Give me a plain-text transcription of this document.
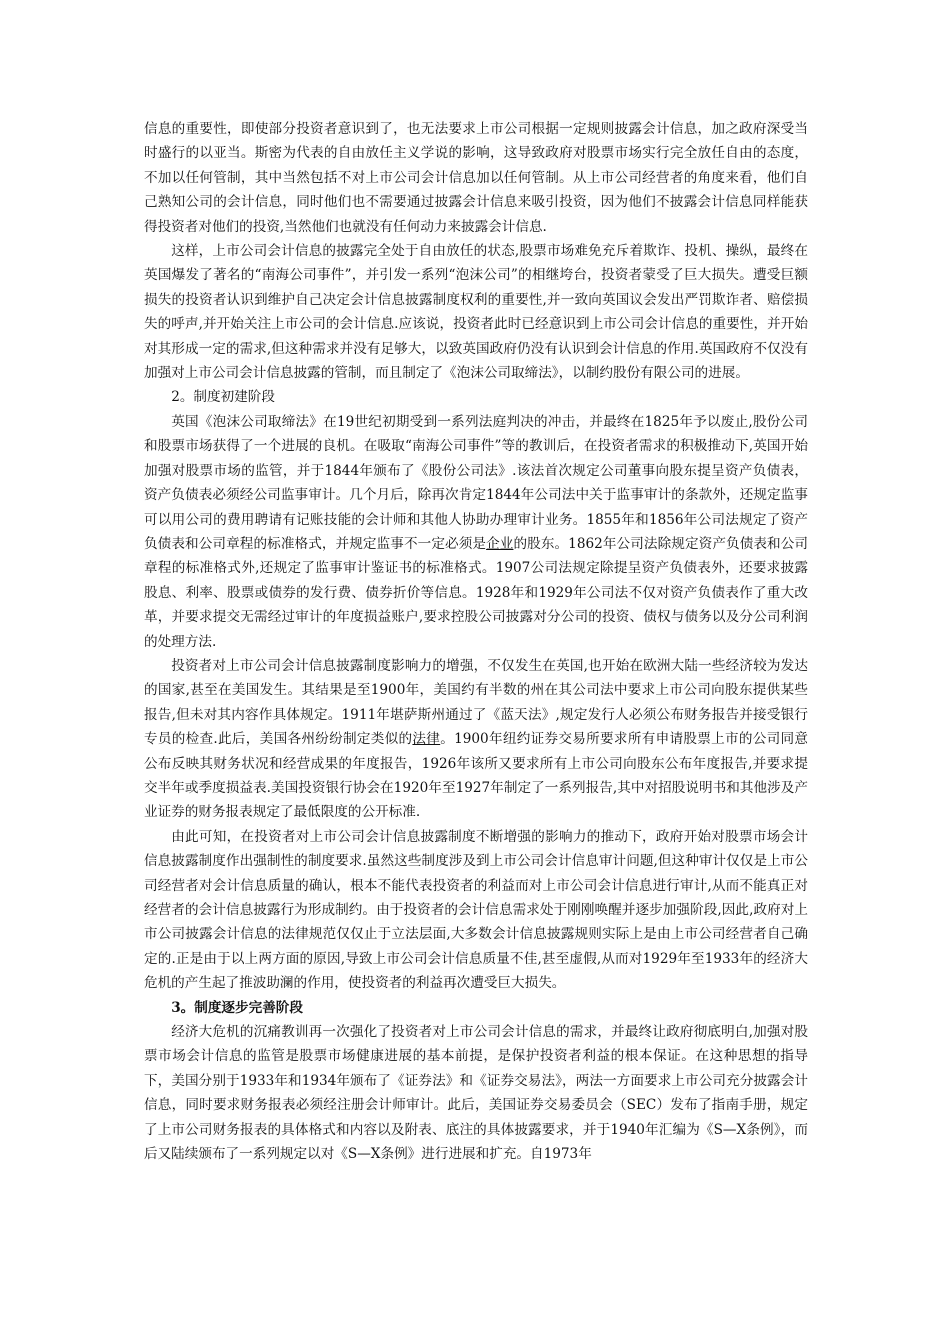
信息的重要性，即使部分投资者意识到了，也无法要求上市公司根据一定规则披露会计信息，加之政府深受当时盛行的以亚当。斯密为代表的自由放任主义学说的影响，这导致政府对股票市场实行完全放任自由的态度，不加以任何管制，其中当然包括不对上市公司会计信息加以任何管制。从上市公司经营者的角度来看，他们自己熟知公司的会计信息，同时他们也不需要通过披露会计信息来吸引投资，因为他们不披露会计信息同样能获得投资者对他们的投资,当然他们也就没有任何动力来披露会计信息.

这样，上市公司会计信息的披露完全处于自由放任的状态,股票市场难免充斥着欺诈、投机、操纵，最终在英国爆发了著名的“南海公司事件”，并引发一系列“泡沫公司”的相继垮台，投资者蒙受了巨大损失。遭受巨额损失的投资者认识到维护自己决定会计信息披露制度权利的重要性,并一致向英国议会发出严罚欺诈者、赔偿损失的呼声,并开始关注上市公司的会计信息.应该说，投资者此时已经意识到上市公司会计信息的重要性，并开始对其形成一定的需求,但这种需求并没有足够大，以致英国政府仍没有认识到会计信息的作用.英国政府不仅没有加强对上市公司会计信息披露的管制，而且制定了《泡沫公司取缔法》，以制约股份有限公司的进展。

2。制度初建阶段

英国《泡沫公司取缔法》在19世纪初期受到一系列法庭判决的冲击，并最终在1825年予以废止,股份公司和股票市场获得了一个进展的良机。在吸取“南海公司事件”等的教训后，在投资者需求的积极推动下,英国开始加强对股票市场的监管，并于1844年颁布了《股份公司法》.该法首次规定公司董事向股东提呈资产负债表，资产负债表必须经公司监事审计。几个月后，除再次肯定1844年公司法中关于监事审计的条款外，还规定监事可以用公司的费用聘请有记账技能的会计师和其他人协助办理审计业务。1855年和1856年公司法规定了资产负债表和公司章程的标准格式，并规定监事不一定必须是企业的股东。1862年公司法除规定资产负债表和公司章程的标准格式外,还规定了监事审计鉴证书的标准格式。1907公司法规定除提呈资产负债表外，还要求披露股息、利率、股票或债券的发行费、债券折价等信息。1928年和1929年公司法不仅对资产负债表作了重大改革，并要求提交无需经过审计的年度损益账户,要求控股公司披露对分公司的投资、债权与债务以及分公司利润的处理方法.

投资者对上市公司会计信息披露制度影响力的增强，不仅发生在英国,也开始在欧洲大陆一些经济较为发达的国家,甚至在美国发生。其结果是至1900年，美国约有半数的州在其公司法中要求上市公司向股东提供某些报告,但未对其内容作具体规定。1911年堪萨斯州通过了《蓝天法》,规定发行人必须公布财务报告并接受银行专员的检查.此后，美国各州纷纷制定类似的法律。1900年纽约证券交易所要求所有申请股票上市的公司同意公布反映其财务状况和经营成果的年度报告，1926年该所又要求所有上市公司向股东公布年度报告,并要求提交半年或季度损益表.美国投资银行协会在1920年至1927年制定了一系列报告,其中对招股说明书和其他涉及产业证券的财务报表规定了最低限度的公开标准.

由此可知，在投资者对上市公司会计信息披露制度不断增强的影响力的推动下，政府开始对股票市场会计信息披露制度作出强制性的制度要求.虽然这些制度涉及到上市公司会计信息审计问题,但这种审计仅仅是上市公司经营者对会计信息质量的确认，根本不能代表投资者的利益而对上市公司会计信息进行审计,从而不能真正对经营者的会计信息披露行为形成制约。由于投资者的会计信息需求处于刚刚唤醒并逐步加强阶段,因此,政府对上市公司披露会计信息的法律规范仅仅止于立法层面,大多数会计信息披露规则实际上是由上市公司经营者自己确定的.正是由于以上两方面的原因,导致上市公司会计信息质量不佳,甚至虚假,从而对1929年至1933年的经济大危机的产生起了推波助澜的作用，使投资者的利益再次遭受巨大损失。

3。制度逐步完善阶段

经济大危机的沉痛教训再一次强化了投资者对上市公司会计信息的需求，并最终让政府彻底明白,加强对股票市场会计信息的监管是股票市场健康进展的基本前提，是保护投资者利益的根本保证。在这种思想的指导下，美国分别于1933年和1934年颁布了《证券法》和《证券交易法》，两法一方面要求上市公司充分披露会计信息，同时要求财务报表必须经注册会计师审计。此后，美国证券交易委员会（SEC）发布了指南手册，规定了上市公司财务报表的具体格式和内容以及附表、底注的具体披露要求，并于1940年汇编为《S—X条例》，而后又陆续颁布了一系列规定以对《S—X条例》进行进展和扩充。自1973年
